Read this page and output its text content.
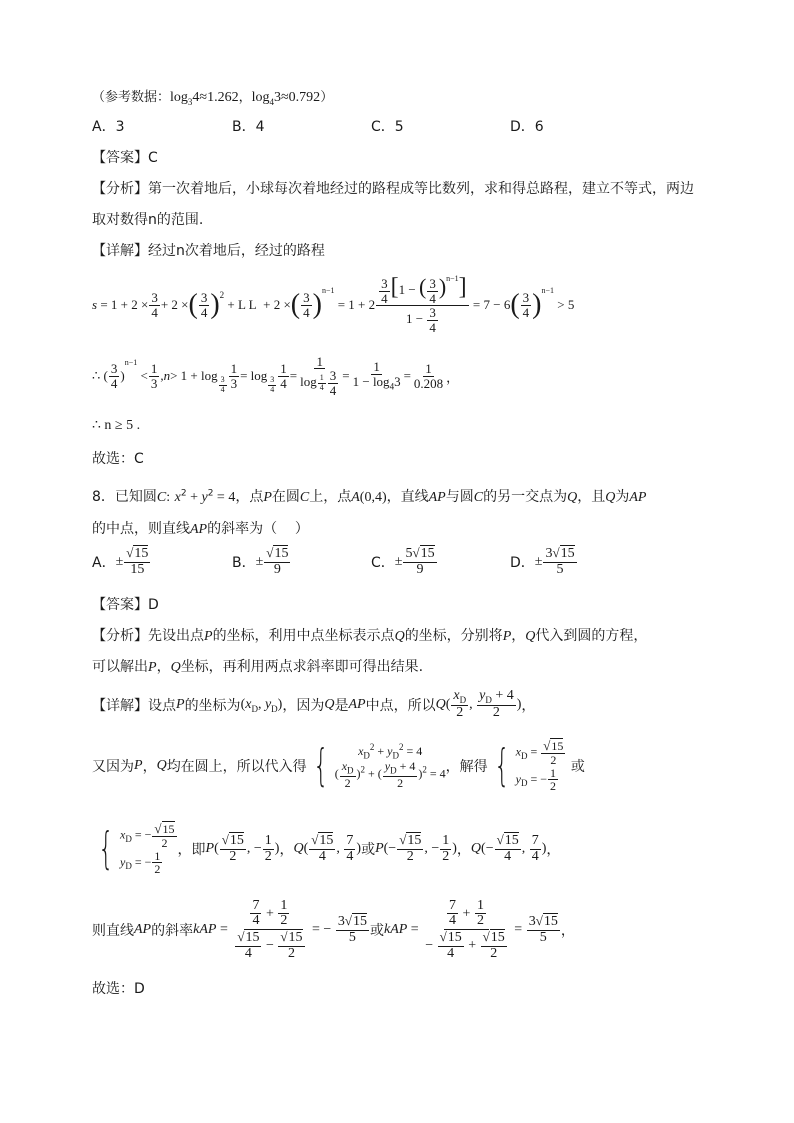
（参考数据：$\log_34\approx 1.262$，$\log_43\approx 0.792$）
A．3	B．4	C．5	D．6
【答案】C
【分析】第一次着地后，小球每次着地经过的路程成等比数列，求和得总路程，建立不等式，两边
取对数得n的范围.
【详解】经过n次着地后，经过的路程
$s = 1 + 2 \times \frac{3}{4} + 2$ × ( $\frac{3}{4}$ ) 2
+ L L  + 2 × ( $\frac{3}{4}$ ) n−1
= $1 + 2 \frac{\frac{3}{4} [1 - ( \frac{3}{4} )^{n-1}]}{1 - \frac{3}{4}} = 7 - 6$ ( $\frac{3}{4}$ ) n−1
> 5
∴ ( $\frac{3}{4}$ )
n−1
< $\frac{1}{3}$ , n > 1 + log
$\frac{3}{4} \frac{1}{3} = \log$
$\frac{3}{4} \frac{1}{4} = \frac{1}{\log \frac{1}{4} \frac{3}{4}} = \frac{1}{1 - \log_43} = \frac{1}{0.208}$ ，
∴ n ≥ 5 .
故选：C
8．已知圆C: $x^2 + y^2 = 4$，点P在圆C上，点A(0,4)，直线AP与圆C的另一交点为Q，且Q为AP
的中点，则直线AP的斜率为（    ）
A． ± $\frac{√15}{15}$	B． ± $\frac{√15}{9}$	C． ± $\frac{5√15}{9}$	D． ± $\frac{3√15}{5}$
【答案】D
【分析】先设出点P的坐标，利用中点坐标表示点Q的坐标，分别将P，Q代入到圆的方程，
可以解出P，Q坐标，再利用两点求斜率即可得出结果.
【详解】 设点 P 的坐标为 ($x_D$, $y_D$) ，因为 Q 是 AP 中点，所以 Q ( $\frac{x_D}{2}$ , $\frac{y_D + 4}{2}$ ) ，
又因为 P ， Q 均在圆上，所以代入得 { $x_D^2 + y_D^2 = 4$
( $\frac{x_D}{2} )^2$ + ( $\frac{y_D + 4}{2} )^2 = 4$ ，解得 { $x_D = \frac{√15}{2}$
$y_D$ = − $\frac{1}{2}$
或
{ $x_D$ = − $\frac{√15}{2}$
$y_D$ = − $\frac{1}{2}$ ，即 P ( $\frac{√15}{2}$ , − $\frac{1}{2}$ ) ， Q ( $\frac{√15}{4}$ , $\frac{7}{4}$ ) 或 P (− $\frac{√15}{2}$ , − $\frac{1}{2}$ ) ， Q (− $\frac{√15}{4}$ , $\frac{7}{4}$ ) ，
则直线 AP 的斜率 k AP = $\frac{\frac{7}{4} + \frac{1}{2}}{\frac{√15}{4} - \frac{√15}{2}}$ = − $\frac{3√15}{5}$ 或 k AP = $\frac{\frac{7}{4} + \frac{1}{2}}{- \frac{√15}{4} + \frac{√15}{2}} = \frac{3√15}{5}$ ，
故选：D
